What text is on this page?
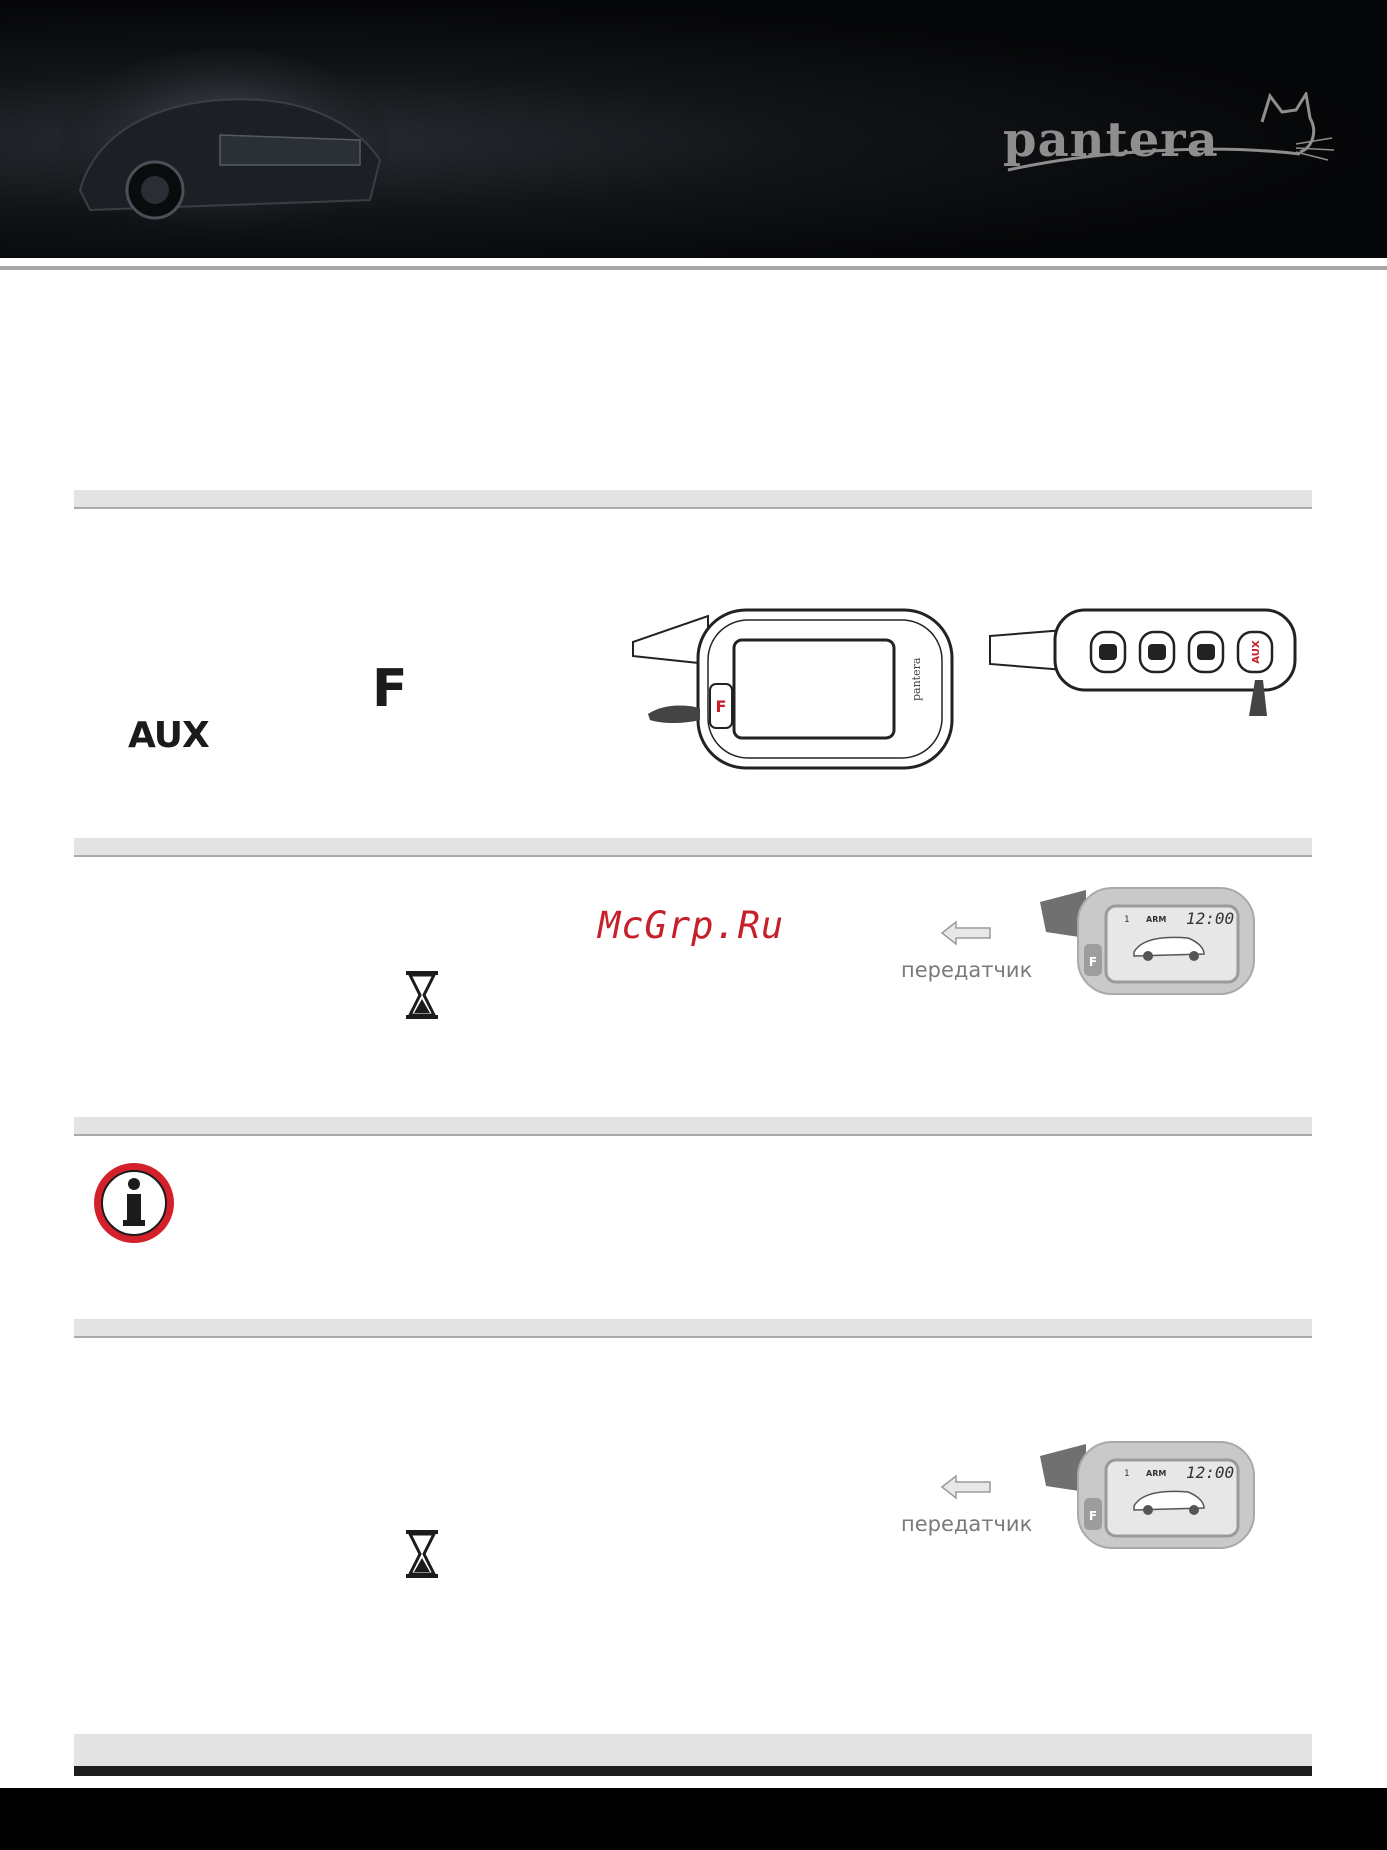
pantera
F
AUX
F
pantera
AUX
McGrp.Ru
передатчик	F
1 ARM 12:00
передатчик	F
1 ARM 12:00
